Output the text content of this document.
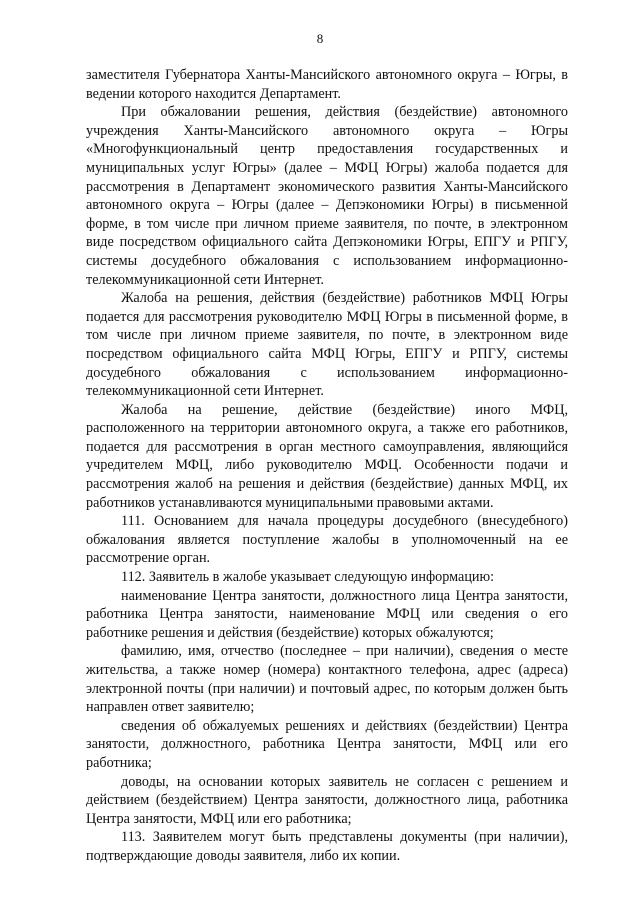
8

заместителя Губернатора Ханты-Мансийского автономного округа – Югры, в ведении которого находится Департамент.

При обжаловании решения, действия (бездействие) автономного учреждения Ханты-Мансийского автономного округа – Югры «Многофункциональный центр предоставления государственных и муниципальных услуг Югры» (далее – МФЦ Югры) жалоба подается для рассмотрения в Департамент экономического развития Ханты-Мансийского автономного округа – Югры (далее – Депэкономики Югры) в письменной форме, в том числе при личном приеме заявителя, по почте, в электронном виде посредством официального сайта Депэкономики Югры, ЕПГУ и РПГУ, системы досудебного обжалования с использованием информационно-телекоммуникационной сети Интернет.

Жалоба на решения, действия (бездействие) работников МФЦ Югры подается для рассмотрения руководителю МФЦ Югры в письменной форме, в том числе при личном приеме заявителя, по почте, в электронном виде посредством официального сайта МФЦ Югры, ЕПГУ и РПГУ, системы досудебного обжалования с использованием информационно-телекоммуникационной сети Интернет.

Жалоба на решение, действие (бездействие) иного МФЦ, расположенного на территории автономного округа, а также его работников, подается для рассмотрения в орган местного самоуправления, являющийся учредителем МФЦ, либо руководителю МФЦ. Особенности подачи и рассмотрения жалоб на решения и действия (бездействие) данных МФЦ, их работников устанавливаются муниципальными правовыми актами.

111. Основанием для начала процедуры досудебного (внесудебного) обжалования является поступление жалобы в уполномоченный на ее рассмотрение орган.

112. Заявитель в жалобе указывает следующую информацию:

наименование Центра занятости, должностного лица Центра занятости, работника Центра занятости, наименование МФЦ или сведения о его работнике решения и действия (бездействие) которых обжалуются;

фамилию, имя, отчество (последнее – при наличии), сведения о месте жительства, а также номер (номера) контактного телефона, адрес (адреса) электронной почты (при наличии) и почтовый адрес, по которым должен быть направлен ответ заявителю;

сведения об обжалуемых решениях и действиях (бездействии) Центра занятости, должностного, работника Центра занятости, МФЦ или его работника;

доводы, на основании которых заявитель не согласен с решением и действием (бездействием) Центра занятости, должностного лица, работника Центра занятости, МФЦ или его работника;

113. Заявителем могут быть представлены документы (при наличии), подтверждающие доводы заявителя, либо их копии.
